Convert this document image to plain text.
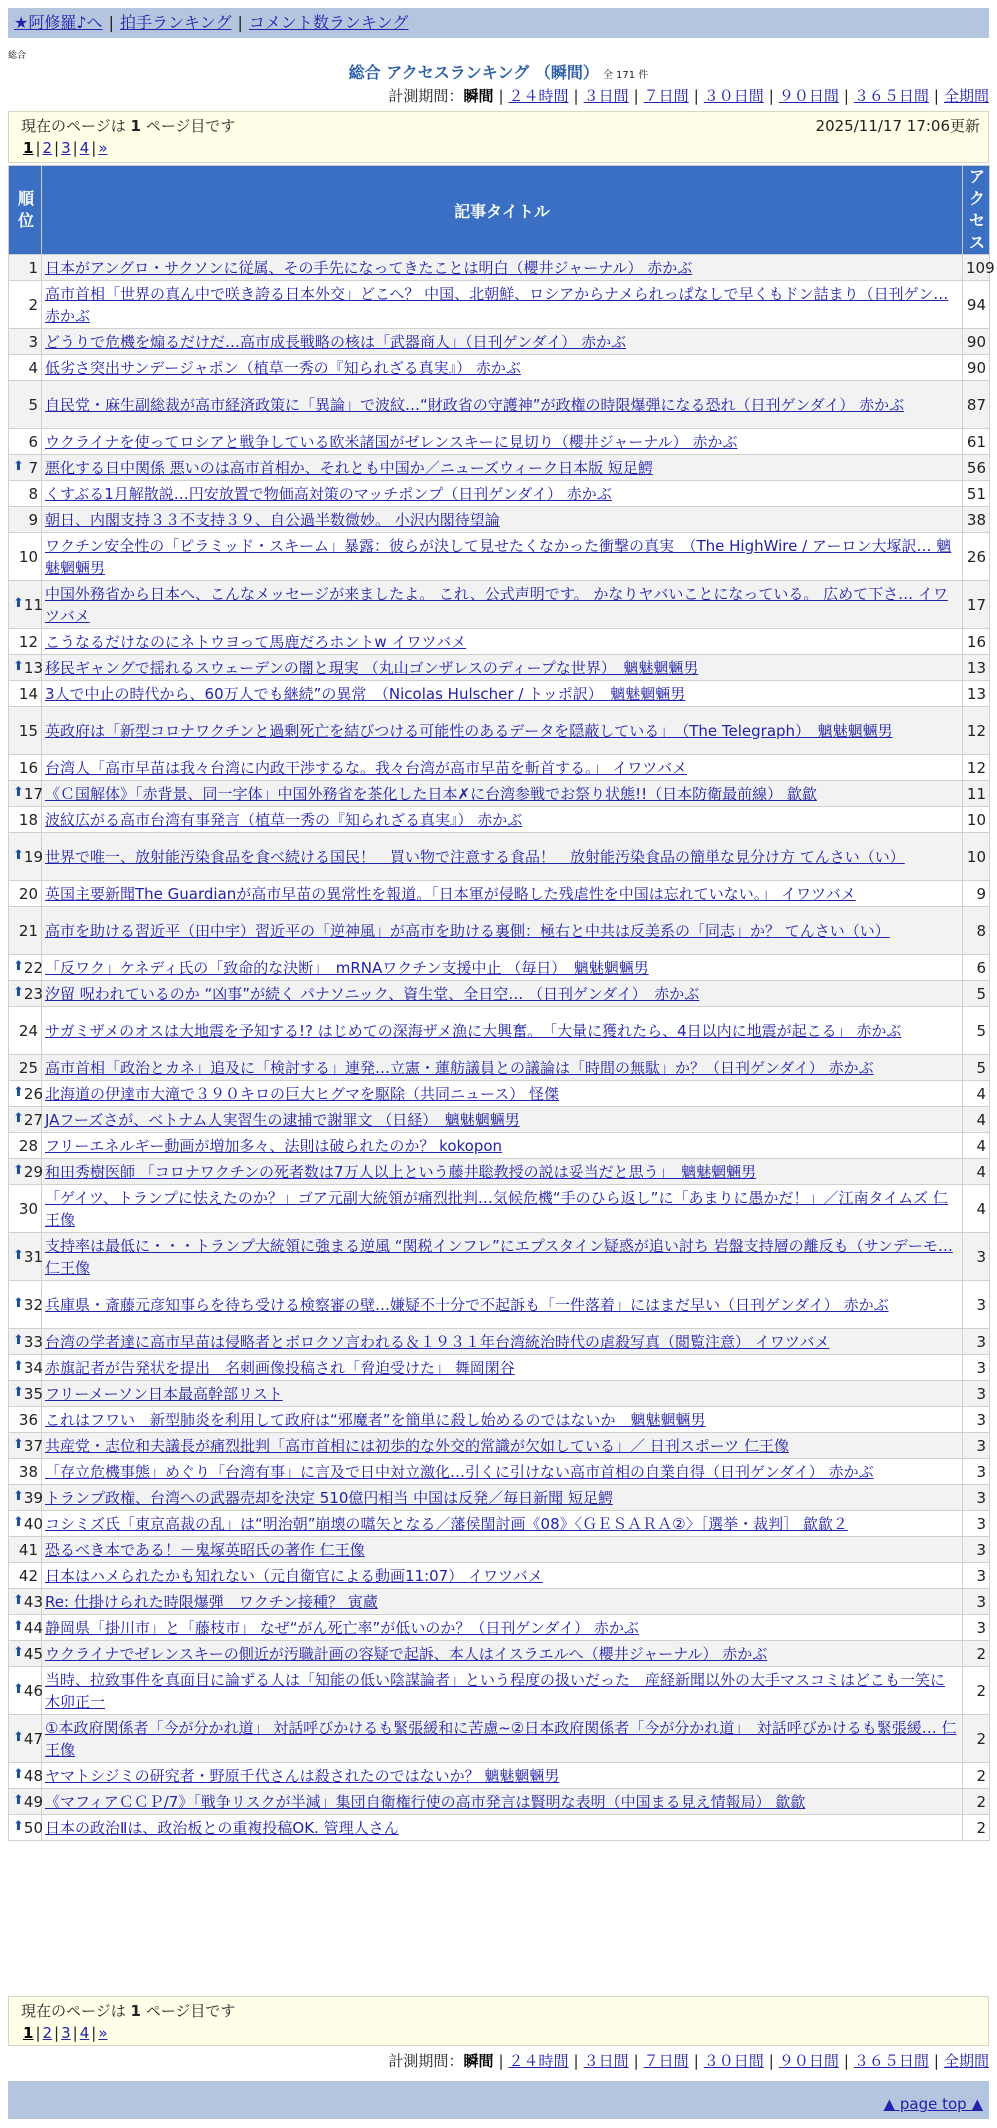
★阿修羅♪へ | 拍手ランキング | コメント数ランキング
総合
総合 アクセスランキング （瞬間） 全 171 件
計測期間：瞬間 | ２４時間 | ３日間 | ７日間 | ３０日間 | ９０日間 | ３６５日間 | 全期間
現在のページは 1 ページ目です	2025/11/17 17:06更新
1 | 2 | 3 | 4 | »
順位	記事タイトル	アクセス
1	日本がアングロ・サクソンに従属、その手先になってきたことは明白（櫻井ジャーナル） 赤かぶ	109
2	高市首相「世界の真ん中で咲き誇る日本外交」どこへ？ 中国、北朝鮮、ロシアからナメられっぱなしで早くもドン詰まり（日刊ゲン… 赤かぶ	94
3	どうりで危機を煽るだけだ…高市成長戦略の核は「武器商人」（日刊ゲンダイ） 赤かぶ	90
4	低劣さ突出サンデージャポン（植草一秀の『知られざる真実』） 赤かぶ	90
5	自民党・麻生副総裁が高市経済政策に「異論」で波紋…“財政省の守護神”が政権の時限爆弾になる恐れ（日刊ゲンダイ） 赤かぶ	87
6	ウクライナを使ってロシアと戦争している欧米諸国がゼレンスキーに見切り（櫻井ジャーナル） 赤かぶ	61

⬆ 7	悪化する日中関係 悪いのは高市首相か、それとも中国か／ニューズウィーク日本版 短足鰐	56
8	くすぶる1月解散説…円安放置で物価高対策のマッチポンプ（日刊ゲンダイ） 赤かぶ	51
9	朝日、内閣支持３３不支持３９、自公過半数微妙。 小沢内閣待望論	38
10	ワクチン安全性の「ピラミッド・スキーム」暴露：彼らが決して見せたくなかった衝撃の真実　（The HighWire / アーロン大塚訳… 魑魅魍魎男	26

⬆ 11	中国外務省から日本へ、こんなメッセージが来ましたよ。 これ、公式声明です。 かなりヤバいことになっている。 広めて下さ… イワツバメ	17
12	こうなるだけなのにネトウヨって馬鹿だろホントw イワツバメ	16

⬆ 13	移民ギャングで揺れるスウェーデンの闇と現実 （丸山ゴンザレスのディープな世界）　魑魅魍魎男	13
14	3人で中止の時代から、60万人でも継続”の異常　（Nicolas Hulscher / トッポ訳）　魑魅魍魎男	13
15	英政府は「新型コロナワクチンと過剰死亡を結びつける可能性のあるデータを隠蔽している」　（The Telegraph）　魑魅魍魎男	12
16	台湾人「高市早苗は我々台湾に内政干渉するな。我々台湾が高市早苗を斬首する。」 イワツバメ	12

⬆ 17	《Ｃ国解体》「赤背景、同一字体」中国外務省を茶化した日本✗に台湾参戦でお祭り状態!!（日本防衛最前線） 歙歙	11
18	波紋広がる高市台湾有事発言（植草一秀の『知られざる真実』） 赤かぶ	10

⬆ 19	世界で唯一、放射能汚染食品を食べ続ける国民！　買い物で注意する食品！　放射能汚染食品の簡単な見分け方 てんさい（い）	10
20	英国主要新聞The Guardianが高市早苗の異常性を報道。「日本軍が侵略した残虐性を中国は忘れていない。」 イワツバメ	9
21	高市を助ける習近平（田中宇）習近平の「逆神風」が高市を助ける裏側：極右と中共は反美系の「同志」か？ てんさい（い）	8

⬆ 22	「反ワク」ケネディ氏の「致命的な決断」　mRNAワクチン支援中止 （毎日）　魑魅魍魎男	6

⬆ 23	汐留 呪われているのか “凶事”が続く パナソニック、資生堂、全日空… （日刊ゲンダイ）　赤かぶ	5
24	サガミザメのオスは大地震を予知する!? はじめての深海ザメ漁に大興奮。　「大量に獲れたら、4日以内に地震が起こる」 赤かぶ	5
25	高市首相「政治とカネ」追及に「検討する」連発…立憲・蓮舫議員との議論は「時間の無駄」か？（日刊ゲンダイ） 赤かぶ	5

⬆ 26	北海道の伊達市大滝で３９０キロの巨大ヒグマを駆除（共同ニュース） 怪傑	4

⬆ 27	JAフーズさが、ベトナム人実習生の逮捕で謝罪文 （日経）　魑魅魍魎男	4
28	フリーエネルギー動画が増加多々、法則は破られたのか？ kokopon	4

⬆ 29	和田秀樹医師 「コロナワクチンの死者数は7万人以上という藤井聡教授の説は妥当だと思う」　魑魅魍魎男	4
30	「ゲイツ、トランプに怯えたのか？」ゴア元副大統領が痛烈批判…気候危機“手のひら返し”に「あまりに愚かだ！」／江南タイムズ 仁王像	4

⬆ 31	支持率は最低に・・・トランプ大統領に強まる逆風 “関税インフレ”にエプスタイン疑惑が追い討ち 岩盤支持層の離反も（サンデーモ… 仁王像	3

⬆ 32	兵庫県・斎藤元彦知事らを待ち受ける検察審の壁…嫌疑不十分で不起訴も「一件落着」にはまだ早い（日刊ゲンダイ） 赤かぶ	3

⬆ 33	台湾の学者達に高市早苗は侵略者とボロクソ言われる＆１９３１年台湾統治時代の虐殺写真（閲覧注意） イワツバメ	3

⬆ 34	赤旗記者が告発状を提出　名刺画像投稿され「脅迫受けた」 舞岡閑谷	3

⬆ 35	フリーメーソン日本最高幹部リスト	3
36	これはフワい　新型肺炎を利用して政府は“邪魔者”を簡単に殺し始めるのではないか　魑魅魍魎男	3

⬆ 37	共産党・志位和夫議長が痛烈批判「高市首相には初歩的な外交的常識が欠如している」／ 日刊スポーツ 仁王像	3
38	「存立危機事態」めぐり「台湾有事」に言及で日中対立激化…引くに引けない高市首相の自業自得（日刊ゲンダイ） 赤かぶ	3

⬆ 39	トランプ政権、台湾への武器売却を決定 510億円相当 中国は反発／毎日新聞 短足鰐	3

⬆ 40	コシミズ氏「東京高裁の乱」は“明治朝”崩壊の嚆矢となる／藩侯閨討画《08》〈ＧＥＳＡＲＡ②〉［選挙・裁判］ 歙歙２	3
41	恐るべき本である！－鬼塚英昭氏の著作 仁王像	3
42	日本はハメられたかも知れない（元自衛官による動画11:07） イワツバメ	3

⬆ 43	Re: 仕掛けられた時限爆弾　ワクチン接種？ 寅蔵	3

⬆ 44	静岡県「掛川市」と「藤枝市」 なぜ“がん死亡率”が低いのか？（日刊ゲンダイ） 赤かぶ	3

⬆ 45	ウクライナでゼレンスキーの側近が汚職計画の容疑で起訴、本人はイスラエルへ（櫻井ジャーナル） 赤かぶ	2

⬆ 46	当時、拉致事件を真面目に論ずる人は「知能の低い陰謀論者」という程度の扱いだった　産経新聞以外の大手マスコミはどこも一笑に 木卯正一	2

⬆ 47	①本政府関係者「今が分かれ道」 対話呼びかけるも緊張緩和に苦慮~②日本政府関係者「今が分かれ道」　対話呼びかけるも緊張緩… 仁王像	2

⬆ 48	ヤマトシジミの研究者・野原千代さんは殺されたのではないか？ 魑魅魍魎男	2

⬆ 49	《マフィアＣＣＰ/7》「戦争リスクが半減」集団自衛権行使の高市発言は賢明な表明（中国まる見え情報局） 歙歙	2

⬆ 50	日本の政治Ⅱは、政治板との重複投稿OK. 管理人さん	2
現在のページは 1 ページ目です
1 | 2 | 3 | 4 | »
計測期間：瞬間 | ２４時間 | ３日間 | ７日間 | ３０日間 | ９０日間 | ３６５日間 | 全期間
▲ page top ▲
